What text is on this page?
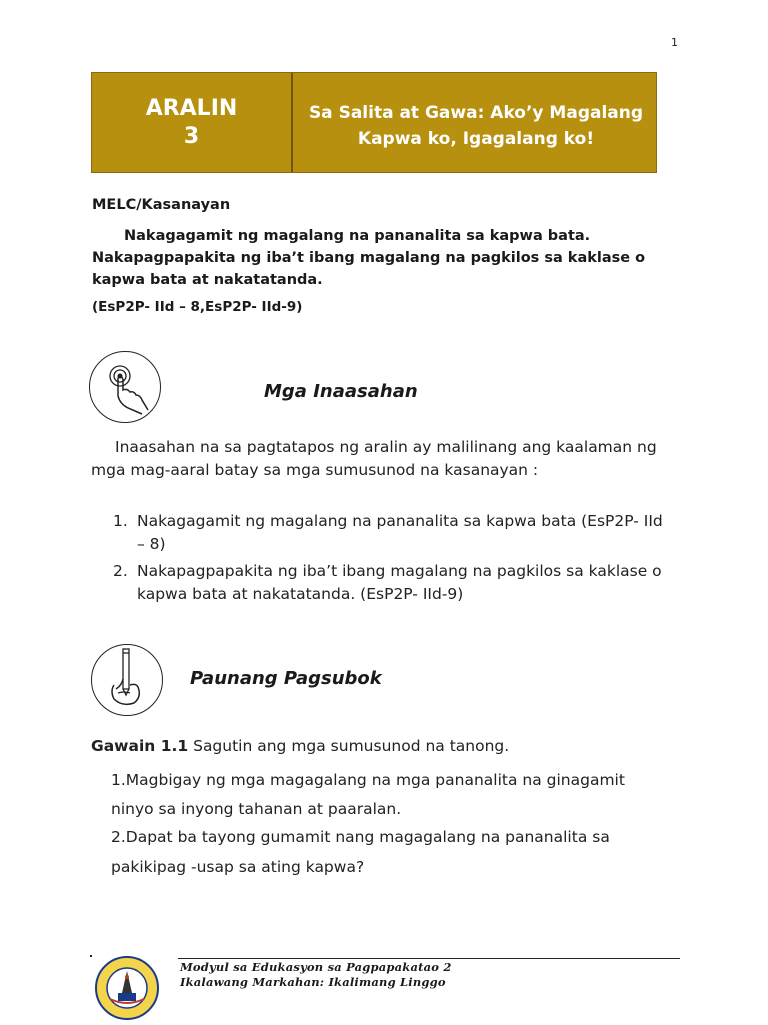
1
ARALIN
3
Sa Salita at Gawa: Ako’y Magalang
Kapwa ko, Igagalang ko!
MELC/Kasanayan

Nakagagamit ng magalang na pananalita sa kapwa bata. Nakapagpapakita ng iba’t ibang magalang na pagkilos sa kaklase o kapwa bata at nakatatanda.

(EsP2P- IId – 8,EsP2P- IId-9)
Mga Inaasahan

Inaasahan na sa pagtatapos ng aralin ay malilinang ang kaalaman ng mga mag-aaral batay sa mga sumusunod na kasanayan :

1. Nakagagamit ng magalang na pananalita sa kapwa bata (EsP2P- IId – 8)
2. Nakapagpapakita ng iba’t ibang magalang na pagkilos sa kaklase o kapwa bata at nakatatanda. (EsP2P- IId-9)
Paunang Pagsubok
Gawain 1.1 Sagutin ang mga sumusunod na tanong.

1.Magbigay ng mga magagalang na mga pananalita na ginagamit ninyo sa inyong tahanan at paaralan.

2.Dapat ba tayong gumamit nang magagalang na pananalita sa pakikipag -usap sa ating kapwa?

Modyul sa Edukasyon sa Pagpapakatao 2
Ikalawang Markahan: Ikalimang Linggo
